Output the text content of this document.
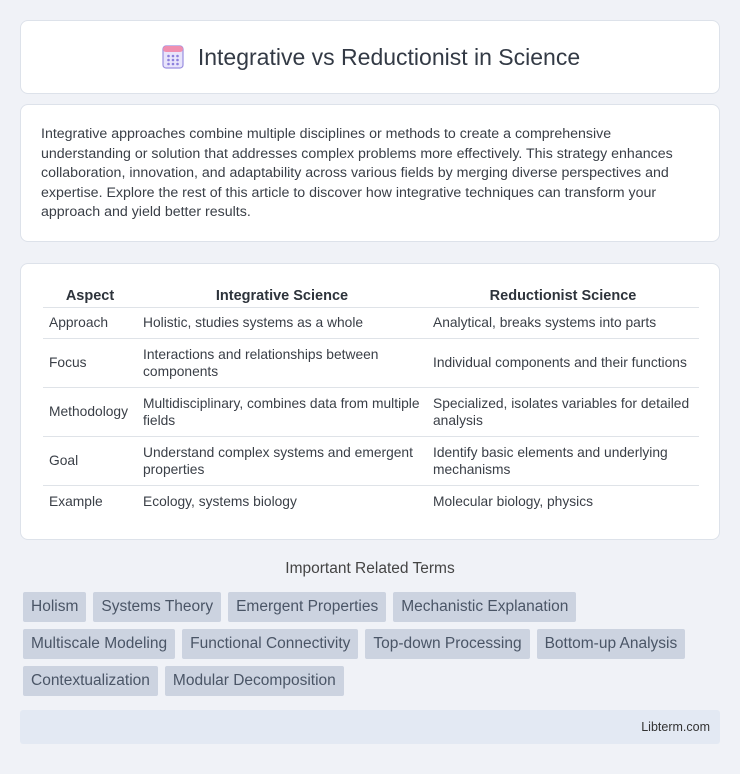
Integrative vs Reductionist in Science

Integrative approaches combine multiple disciplines or methods to create a comprehensive understanding or solution that addresses complex problems more effectively. This strategy enhances collaboration, innovation, and adaptability across various fields by merging diverse perspectives and expertise. Explore the rest of this article to discover how integrative techniques can transform your approach and yield better results.

Aspect	Integrative Science	Reductionist Science
Approach	Holistic, studies systems as a whole	Analytical, breaks systems into parts
Focus	Interactions and relationships between components	Individual components and their functions
Methodology	Multidisciplinary, combines data from multiple fields	Specialized, isolates variables for detailed analysis
Goal	Understand complex systems and emergent properties	Identify basic elements and underlying mechanisms
Example	Ecology, systems biology	Molecular biology, physics
Important Related Terms
Holism	Systems Theory	Emergent Properties	Mechanistic Explanation
Multiscale Modeling	Functional Connectivity	Top-down Processing	Bottom-up Analysis
Contextualization	Modular Decomposition
Libterm.com
